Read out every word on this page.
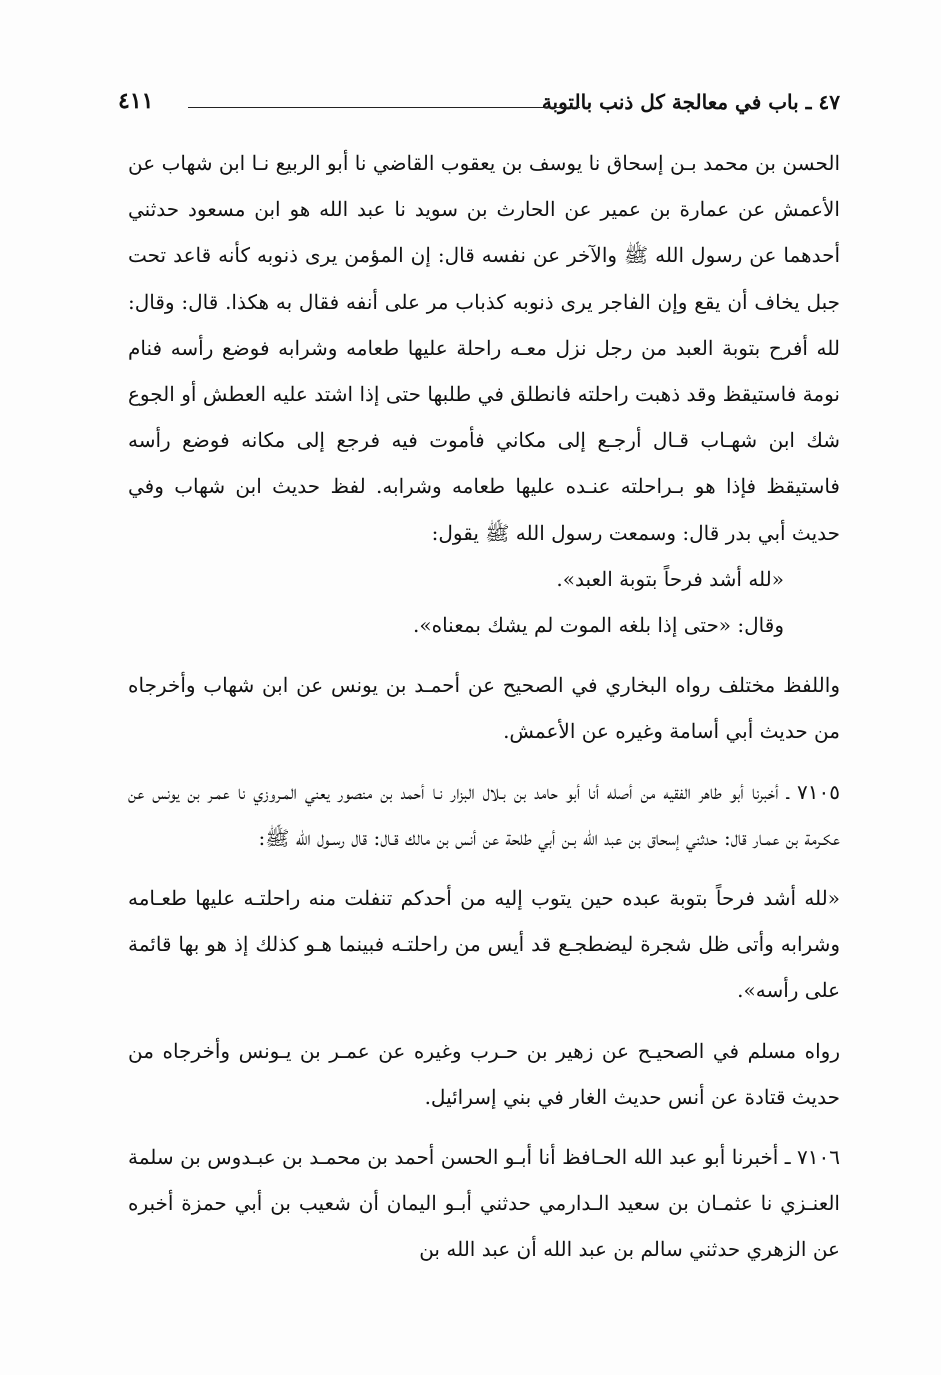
٤٧ ـ باب في معالجة كل ذنب بالتوبة
٤١١

الحسن بن محمد بـن إسحاق نا يوسف بن يعقوب القاضي نا أبو الربيع نـا ابن شهاب عن الأعمش عن عمارة بن عمير عن الحارث بن سويد نا عبد الله هو ابن مسعود حدثني أحدهما عن رسول الله ﷺ والآخر عن نفسه قال: إن المؤمن يرى ذنوبه كأنه قاعد تحت جبل يخاف أن يقع وإن الفاجر يرى ذنوبه كذباب مر على أنفه فقال به هكذا. قال: وقال: لله أفرح بتوبة العبد من رجل نزل معـه راحلة عليها طعامه وشرابه فوضع رأسه فنام نومة فاستيقظ وقد ذهبت راحلته فانطلق في طلبها حتى إذا اشتد عليه العطش أو الجوع شك ابن شهـاب قـال أرجـع إلى مكاني فأموت فيه فرجع إلى مكانه فوضع رأسه فاستيقظ فإذا هو بـراحلته عنـده عليها طعامه وشرابه. لفظ حديث ابن شهاب وفي حديث أبي بدر قال: وسمعت رسول الله ﷺ يقول:

«لله أشد فرحاً بتوبة العبد».

وقال: «حتى إذا بلغه الموت لم يشك بمعناه».

واللفظ مختلف رواه البخاري في الصحيح عن أحمـد بن يونس عن ابن شهاب وأخرجاه من حديث أبي أسامة وغيره عن الأعمش.

٧١٠٥ ـ أخبرنا أبو طاهر الفقيه من أصله أنا أبو حامد بن بـلال البزار نـا أحمد بن منصور يعني المـروزي نا عمـر بن يونس عن عكـرمة بن عمـار قال: حدثني إسحاق بن عبد الله بـن أبي طلحة عن أنس بن مالك قـال: قال رسـول الله ﷺ:

«لله أشد فرحاً بتوبة عبده حين يتوب إليه من أحدكم تنفلت منه راحلتـه عليها طعـامه وشرابه وأتى ظل شجرة ليضطجـع قد أيس من راحلتـه فبينما هـو كذلك إذ هو بها قائمة على رأسه».

رواه مسلم في الصحيـح عن زهير بن حـرب وغيره عن عمـر بن يـونس وأخرجاه من حديث قتادة عن أنس حديث الغار في بني إسرائيل.

٧١٠٦ ـ أخبرنا أبو عبد الله الحـافظ أنا أبـو الحسن أحمد بن محمـد بن عبـدوس بن سلمة العنـزي نا عثمـان بن سعيد الـدارمي حدثني أبـو اليمان أن شعيب بن أبي حمزة أخبره عن الزهري حدثني سالم بن عبد الله أن عبد الله بن
